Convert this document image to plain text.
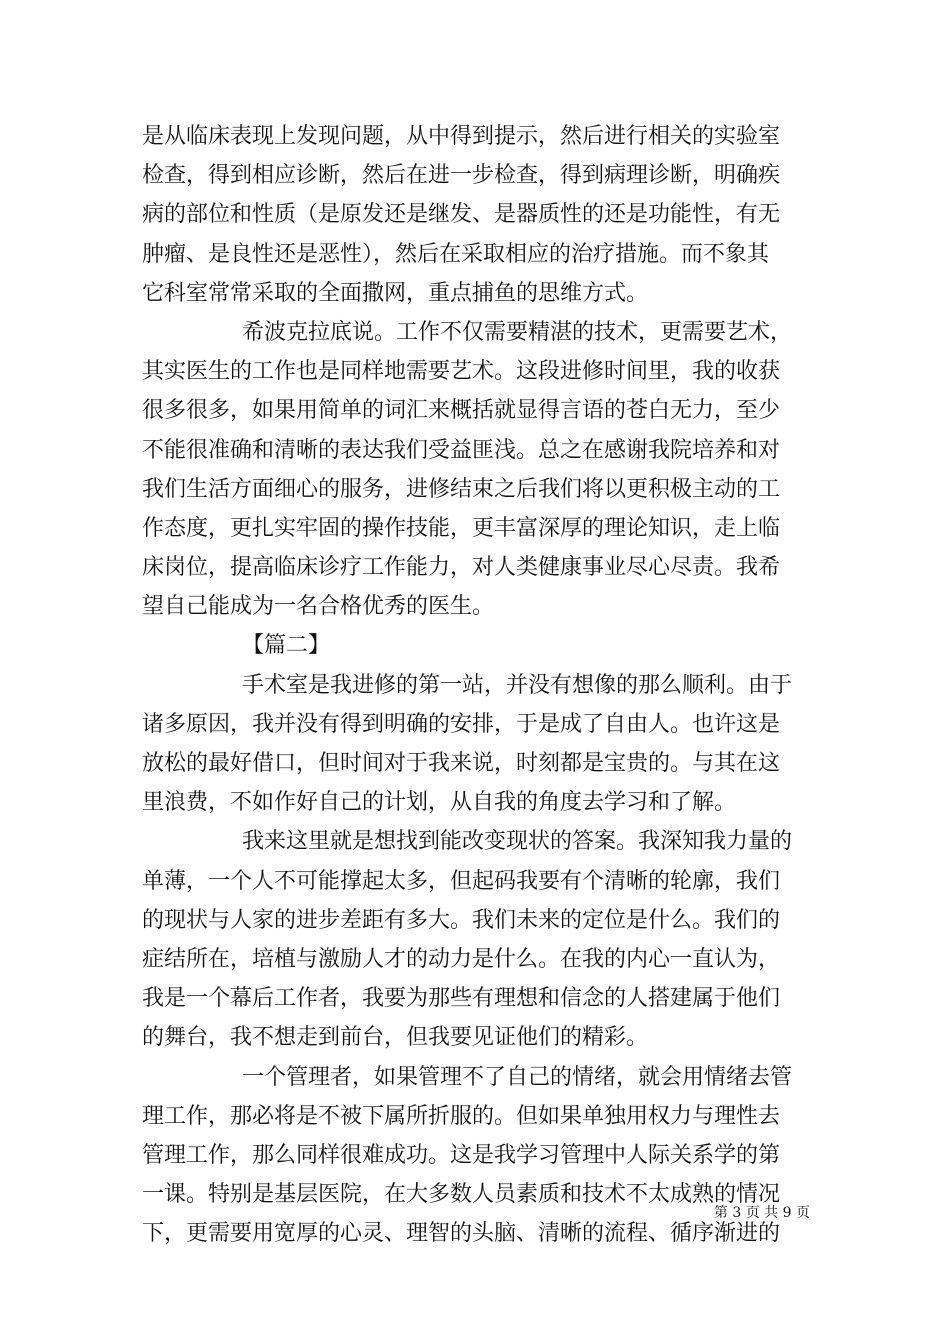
是从临床表现上发现问题，从中得到提示，然后进行相关的实验室
检查，得到相应诊断，然后在进一步检查，得到病理诊断，明确疾
病的部位和性质（是原发还是继发、是器质性的还是功能性，有无
肿瘤、是良性还是恶性），然后在采取相应的治疗措施。而不象其
它科室常常采取的全面撒网，重点捕鱼的思维方式。
希波克拉底说。工作不仅需要精湛的技术，更需要艺术，
其实医生的工作也是同样地需要艺术。这段进修时间里，我的收获
很多很多，如果用简单的词汇来概括就显得言语的苍白无力，至少
不能很准确和清晰的表达我们受益匪浅。总之在感谢我院培养和对
我们生活方面细心的服务，进修结束之后我们将以更积极主动的工
作态度，更扎实牢固的操作技能，更丰富深厚的理论知识，走上临
床岗位，提高临床诊疗工作能力，对人类健康事业尽心尽责。我希
望自己能成为一名合格优秀的医生。
【篇二】
手术室是我进修的第一站，并没有想像的那么顺利。由于
诸多原因，我并没有得到明确的安排，于是成了自由人。也许这是
放松的最好借口，但时间对于我来说，时刻都是宝贵的。与其在这
里浪费，不如作好自己的计划，从自我的角度去学习和了解。
我来这里就是想找到能改变现状的答案。我深知我力量的
单薄，一个人不可能撑起太多，但起码我要有个清晰的轮廓，我们
的现状与人家的进步差距有多大。我们未来的定位是什么。我们的
症结所在，培植与激励人才的动力是什么。在我的内心一直认为，
我是一个幕后工作者，我要为那些有理想和信念的人搭建属于他们
的舞台，我不想走到前台，但我要见证他们的精彩。
一个管理者，如果管理不了自己的情绪，就会用情绪去管
理工作，那必将是不被下属所折服的。但如果单独用权力与理性去
管理工作，那么同样很难成功。这是我学习管理中人际关系学的第
一课。特别是基层医院，在大多数人员素质和技术不太成熟的情况
下，更需要用宽厚的心灵、理智的头脑、清晰的流程、循序渐进的
第 3 页 共 9 页
